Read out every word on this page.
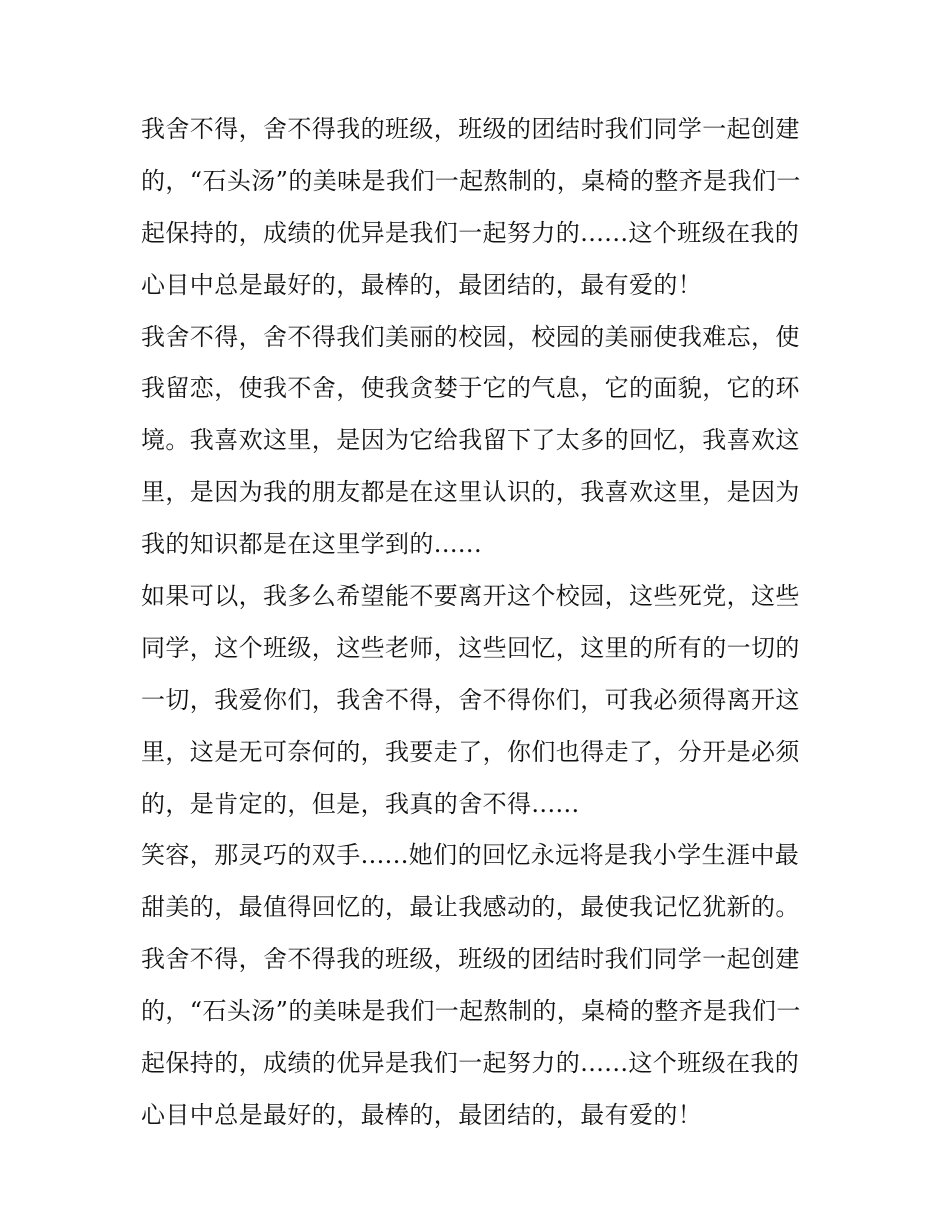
我舍不得，舍不得我的班级，班级的团结时我们同学一起创建
的，“石头汤”的美味是我们一起熬制的，桌椅的整齐是我们一
起保持的，成绩的优异是我们一起努力的......这个班级在我的
心目中总是最好的，最棒的，最团结的，最有爱的！
我舍不得，舍不得我们美丽的校园，校园的美丽使我难忘，使
我留恋，使我不舍，使我贪婪于它的气息，它的面貌，它的环
境。我喜欢这里，是因为它给我留下了太多的回忆，我喜欢这
里，是因为我的朋友都是在这里认识的，我喜欢这里，是因为
我的知识都是在这里学到的......
如果可以，我多么希望能不要离开这个校园，这些死党，这些
同学，这个班级，这些老师，这些回忆，这里的所有的一切的
一切，我爱你们，我舍不得，舍不得你们，可我必须得离开这
里，这是无可奈何的，我要走了，你们也得走了，分开是必须
的，是肯定的，但是，我真的舍不得......
笑容，那灵巧的双手......她们的回忆永远将是我小学生涯中最
甜美的，最值得回忆的，最让我感动的，最使我记忆犹新的。
我舍不得，舍不得我的班级，班级的团结时我们同学一起创建
的，“石头汤”的美味是我们一起熬制的，桌椅的整齐是我们一
起保持的，成绩的优异是我们一起努力的......这个班级在我的
心目中总是最好的，最棒的，最团结的，最有爱的！
